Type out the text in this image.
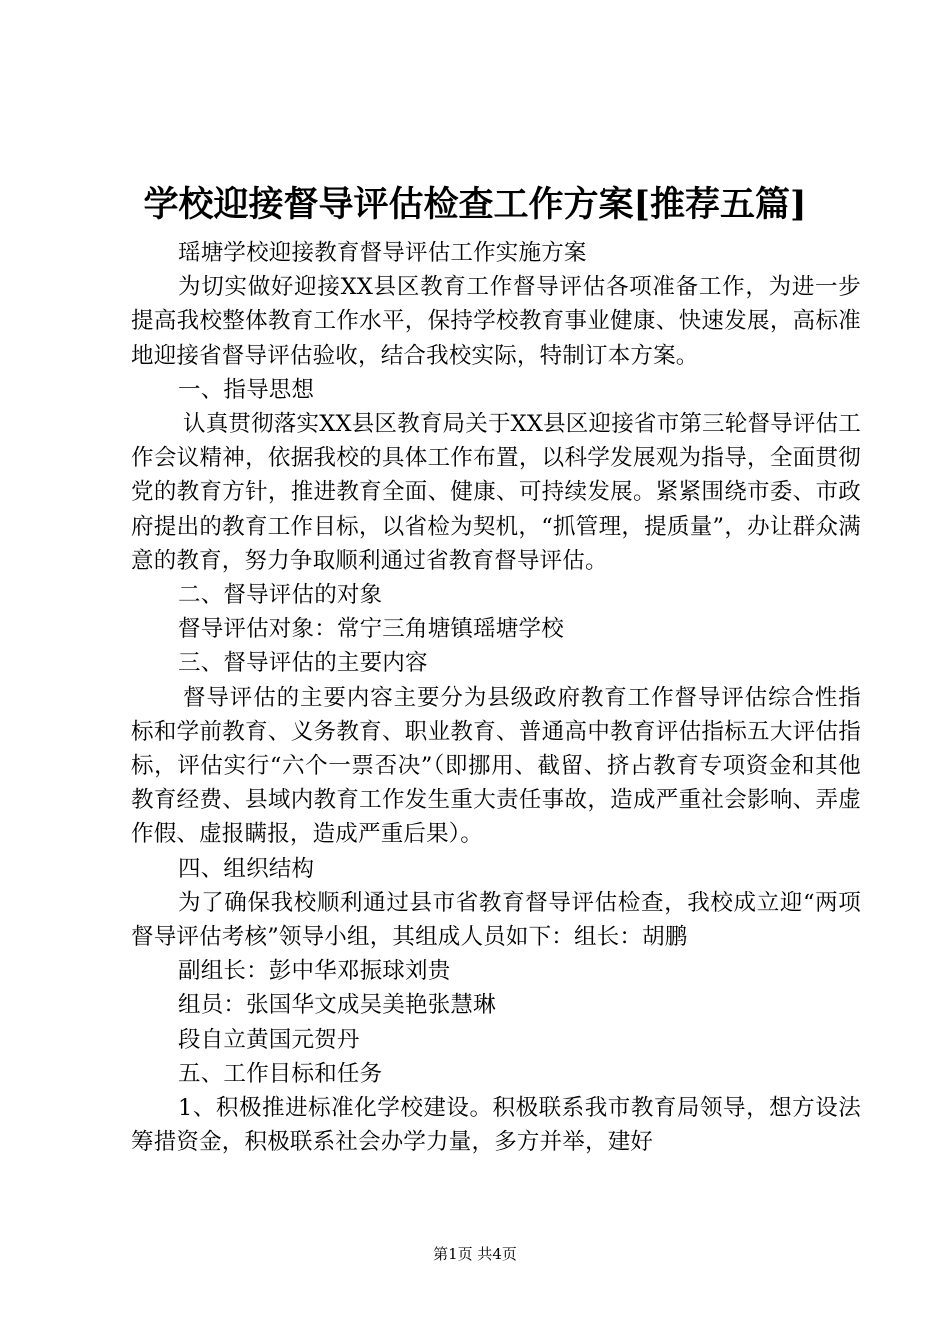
学校迎接督导评估检查工作方案[推荐五篇]

瑶塘学校迎接教育督导评估工作实施方案

为切实做好迎接XX县区教育工作督导评估各项准备工作，为进一步提高我校整体教育工作水平，保持学校教育事业健康、快速发展，高标准地迎接省督导评估验收，结合我校实际，特制订本方案。

一、指导思想

认真贯彻落实XX县区教育局关于XX县区迎接省市第三轮督导评估工作会议精神，依据我校的具体工作布置，以科学发展观为指导，全面贯彻党的教育方针，推进教育全面、健康、可持续发展。紧紧围绕市委、市政府提出的教育工作目标，以省检为契机，“抓管理，提质量”，办让群众满意的教育，努力争取顺利通过省教育督导评估。

二、督导评估的对象

督导评估对象：常宁三角塘镇瑶塘学校

三、督导评估的主要内容

督导评估的主要内容主要分为县级政府教育工作督导评估综合性指标和学前教育、义务教育、职业教育、普通高中教育评估指标五大评估指标，评估实行“六个一票否决”（即挪用、截留、挤占教育专项资金和其他教育经费、县域内教育工作发生重大责任事故，造成严重社会影响、弄虚作假、虚报瞒报，造成严重后果）。

四、组织结构

为了确保我校顺利通过县市省教育督导评估检查，我校成立迎“两项督导评估考核”领导小组，其组成人员如下：组长：胡鹏

副组长：彭中华邓振球刘贵

组员：张国华文成吴美艳张慧琳

段自立黄国元贺丹

五、工作目标和任务

1、积极推进标准化学校建设。积极联系我市教育局领导，想方设法筹措资金，积极联系社会办学力量，多方并举，建好

第1页 共4页
